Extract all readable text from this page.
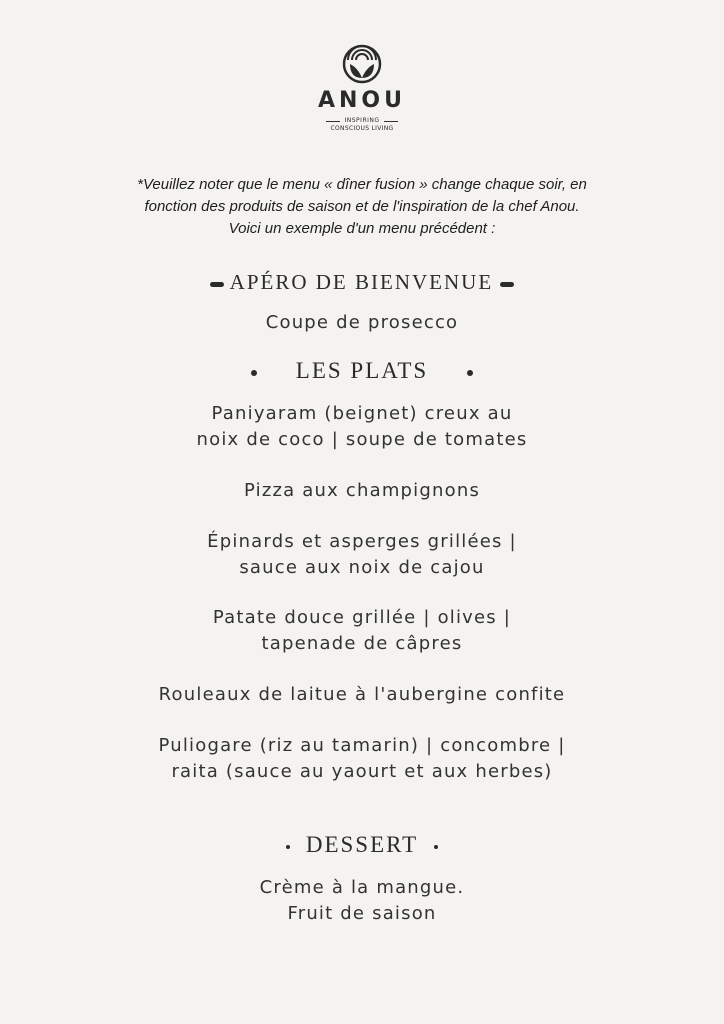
ANOU
INSPIRING
CONSCIOUS LIVING
*Veuillez noter que le menu « dîner fusion » change chaque soir, en
fonction des produits de saison et de l'inspiration de la chef Anou.
Voici un exemple d'un menu précédent :
APÉRO DE BIENVENUE
Coupe de prosecco
LES PLATS
Paniyaram (beignet) creux au
noix de coco | soupe de tomates
Pizza aux champignons
Épinards et asperges grillées |
sauce aux noix de cajou
Patate douce grillée | olives |
tapenade de câpres
Rouleaux de laitue à l'aubergine confite
Puliogare (riz au tamarin) | concombre |
raita (sauce au yaourt et aux herbes)
DESSERT
Crème à la mangue.
Fruit de saison
